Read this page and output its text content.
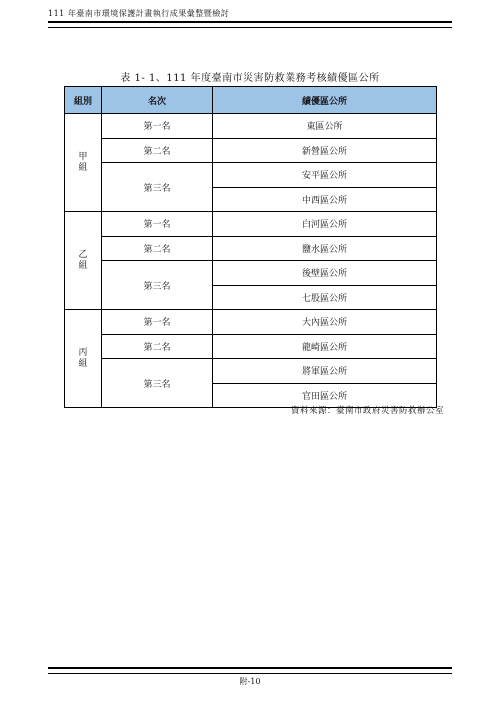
111 年臺南市環境保護計畫執行成果彙整暨檢討
表 1- 1、111 年度臺南市災害防救業務考核績優區公所
組別	名次	績優區公所
甲
組	第一名	東區公所
	第二名	新營區公所
	第三名	安平區公所
		中西區公所
乙
組	第一名	白河區公所
	第二名	鹽水區公所
	第三名	後壁區公所
		七股區公所
丙
組	第一名	大內區公所
	第二名	龍崎區公所
	第三名	將軍區公所
		官田區公所
資料來源：臺南市政府災害防救辦公室
附-10
